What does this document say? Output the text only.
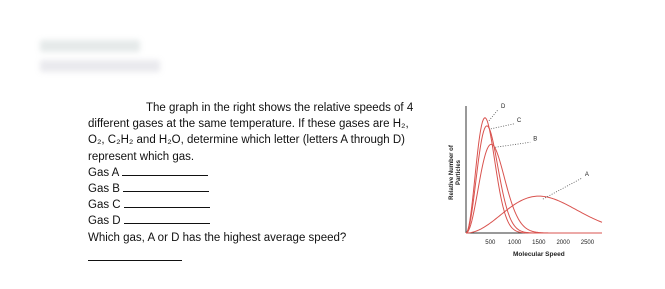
The graph in the right shows the relative speeds of 4 different gases at the same temperature. If these gases are H₂, O₂, C₂H₂ and H₂O, determine which letter (letters A through D) represent which gas.

Gas A

Gas B

Gas C

Gas D

Which gas, A or D has the highest average speed?

Relative Number of Particles
Molecular Speed
500 1000 1500 2000 2500
D
C
B
A
